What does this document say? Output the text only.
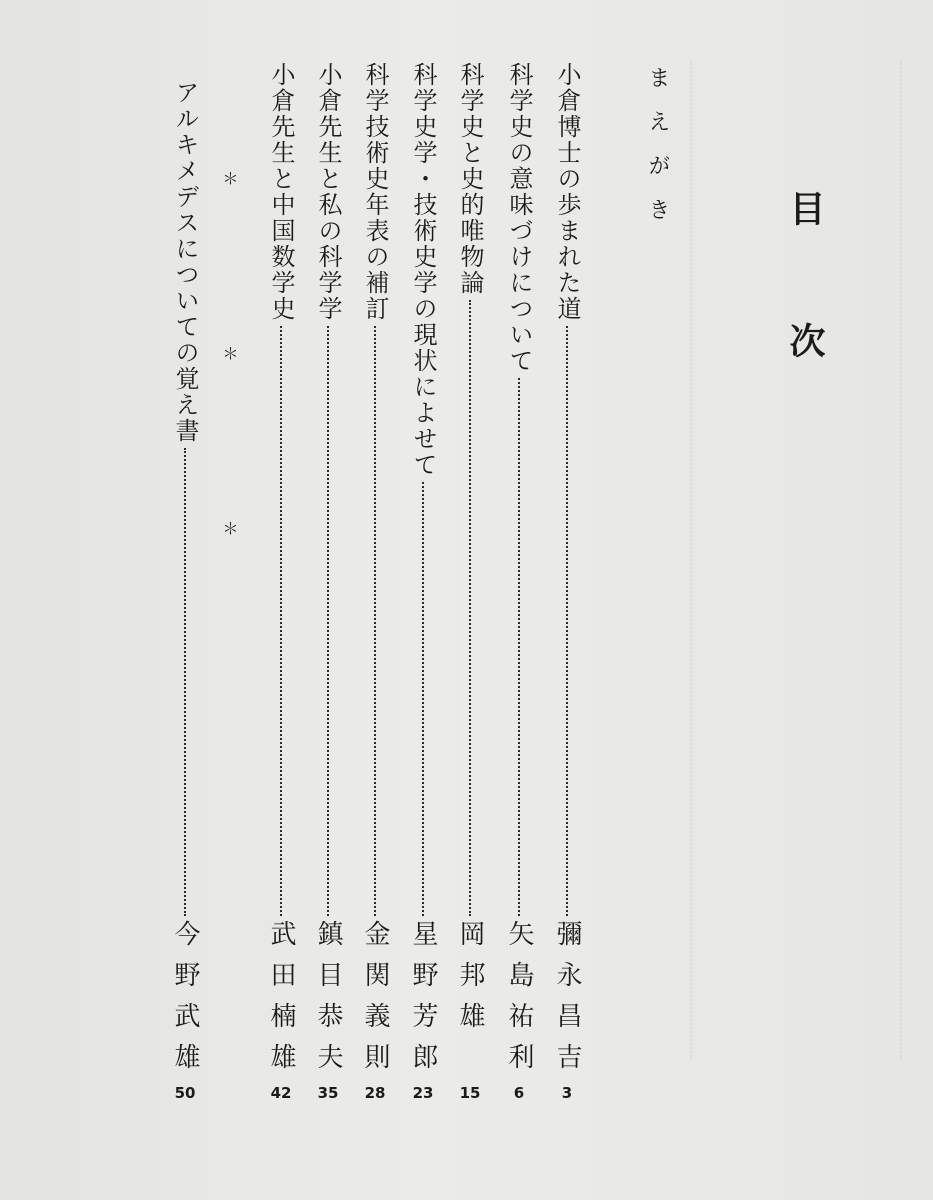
目次
まえがき
小倉博士の歩まれた道
彌永昌吉
3
科学史の意味づけについて
矢島祐利
6
科学史と史的唯物論
岡邦雄
15
科学史学・技術史学の現状によせて
星野芳郎
23
科学技術史年表の補訂
金関義則
28
小倉先生と私の科学学
鎮目恭夫
35
小倉先生と中国数学史
武田楠雄
42
＊ ＊ ＊
アルキメデスについての覚え書
今野武雄
50
